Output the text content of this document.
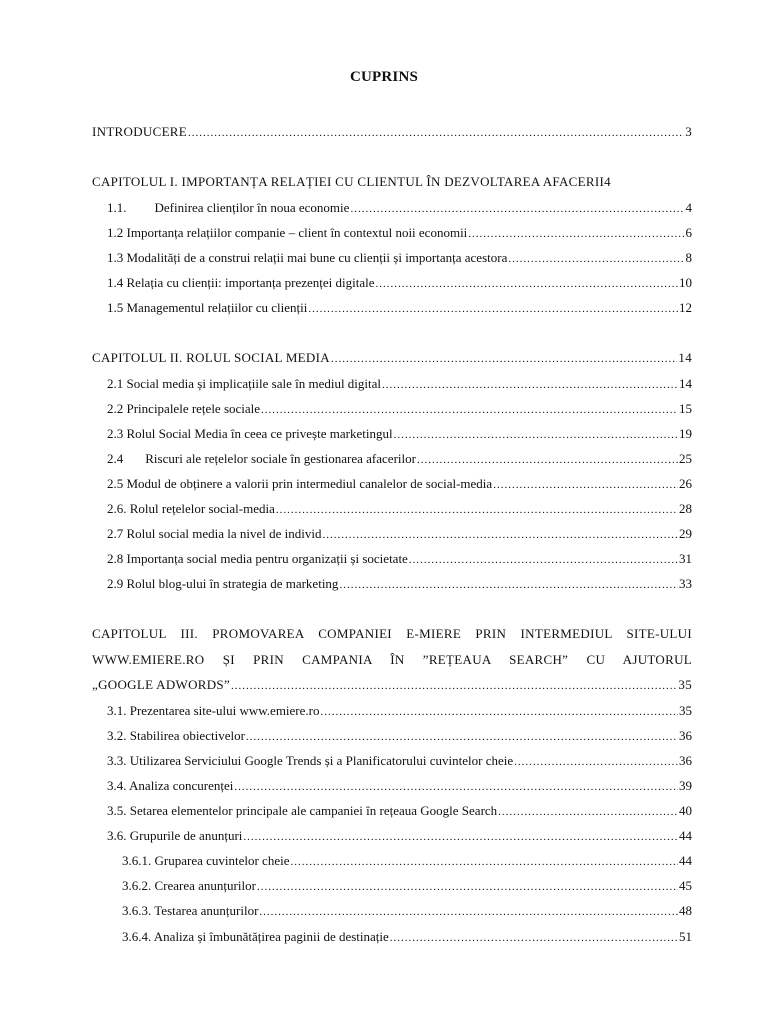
CUPRINS
INTRODUCERE .....	3
CAPITOLUL I. IMPORTANȚA RELAȚIEI CU CLIENTUL ÎN DEZVOLTAREA AFACERII 4
1.1. Definirea clienților în noua economie .....	4
1.2 Importanța relațiilor companie – client în contextul noii economii .....	6
1.3 Modalități de a construi relații mai bune cu clienții și importanța acestora .....	8
1.4 Relația cu clienții: importanța prezenței digitale .....	10
1.5 Managementul relațiilor cu clienții .....	12
CAPITOLUL II. ROLUL SOCIAL MEDIA .....	14
2.1 Social media și implicațiile sale în mediul digital .....	14
2.2 Principalele rețele sociale .....	15
2.3 Rolul Social Media în ceea ce privește marketingul .....	19
2.4 Riscuri ale rețelelor sociale în gestionarea afacerilor .....	25
2.5 Modul de obținere a valorii prin intermediul canalelor de social-media .....	26
2.6. Rolul rețelelor social-media .....	28
2.7 Rolul social media la nivel de individ .....	29
2.8 Importanța social media pentru organizații și societate .....	31
2.9 Rolul blog-ului în strategia de marketing .....	33
CAPITOLUL III. PROMOVAREA COMPANIEI E-MIERE PRIN INTERMEDIUL SITE-ULUI
WWW.EMIERE.RO ȘI PRIN CAMPANIA ÎN ”REȚEAUA SEARCH” CU AJUTORUL
„GOOGLE ADWORDS” .....	35
3.1. Prezentarea site-ului www.emiere.ro .....	35
3.2. Stabilirea obiectivelor .....	36
3.3. Utilizarea Serviciului Google Trends și a Planificatorului cuvintelor cheie .....	36
3.4. Analiza concurenței .....	39
3.5. Setarea elementelor principale ale campaniei în rețeaua Google Search .....	40
3.6. Grupurile de anunțuri .....	44
3.6.1. Gruparea cuvintelor cheie .....	44
3.6.2. Crearea anunțurilor .....	45
3.6.3. Testarea anunțurilor .....	48
3.6.4. Analiza și îmbunătățirea paginii de destinație .....	51
